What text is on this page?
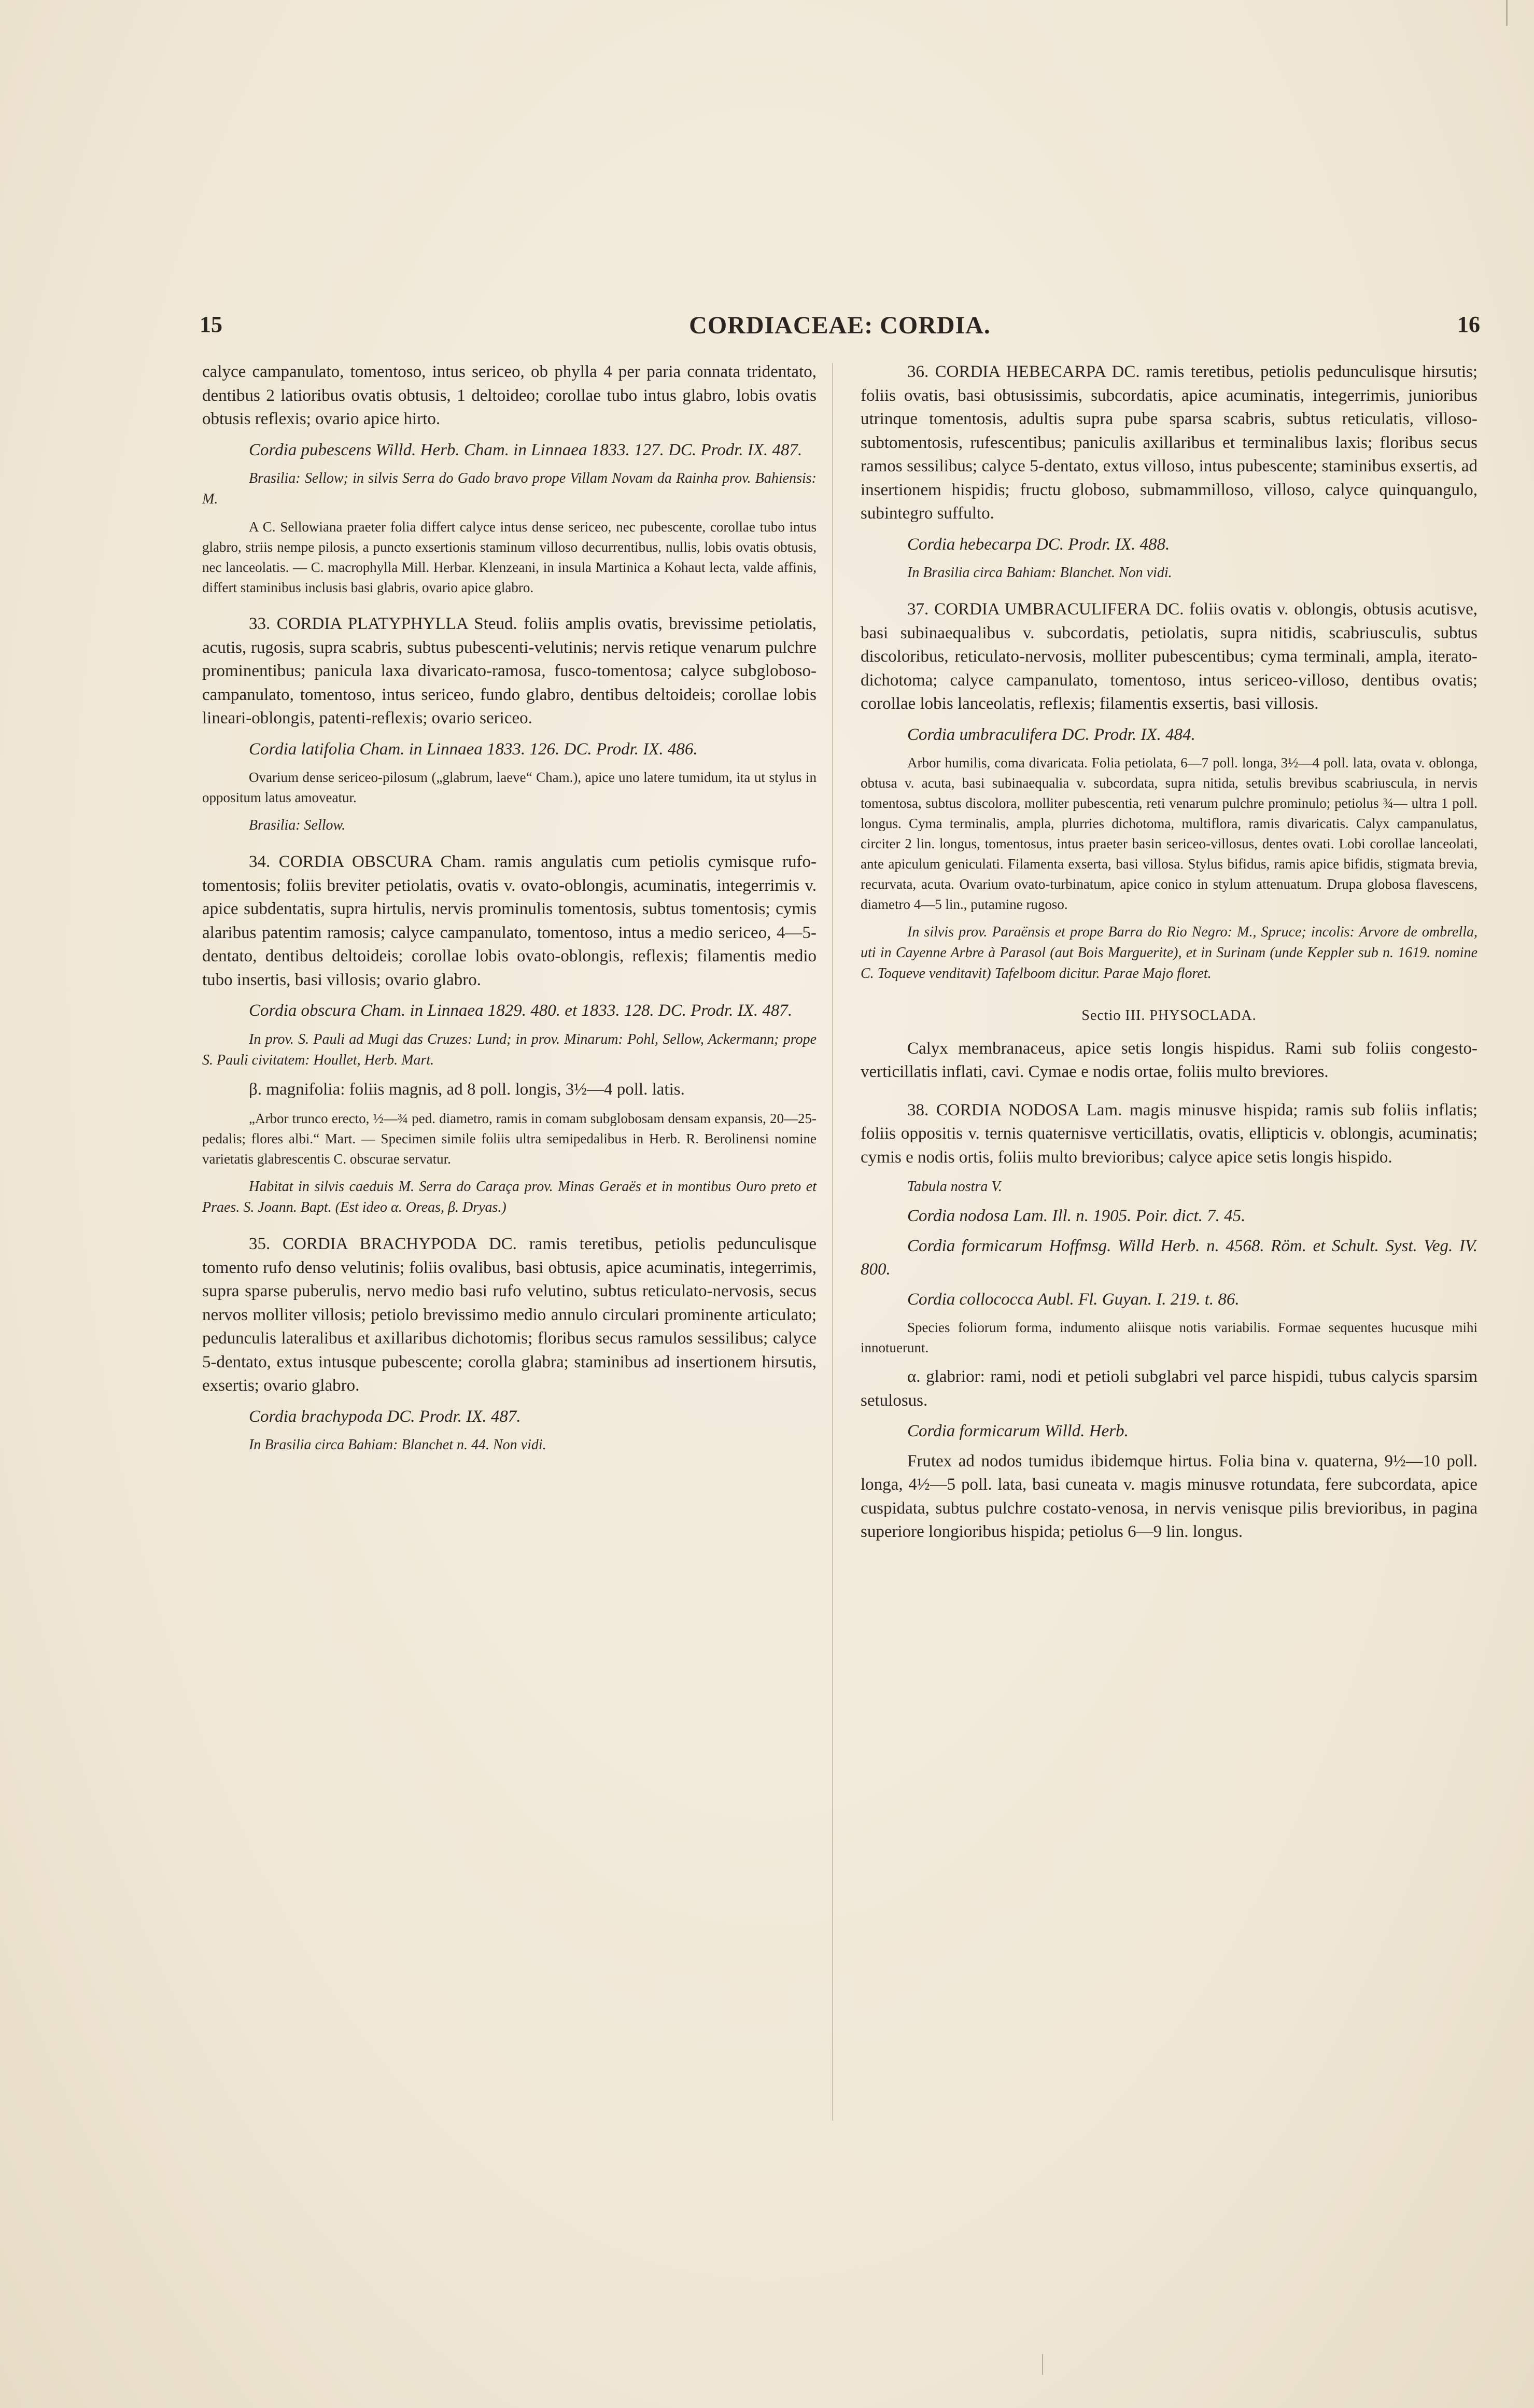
15	CORDIACEAE: CORDIA.	16

calyce campanulato, tomentoso, intus sericeo, ob phylla 4 per paria connata tridentato, dentibus 2 latioribus ovatis obtusis, 1 deltoideo; corollae tubo intus glabro, lobis ovatis obtusis reflexis; ovario apice hirto.

Cordia pubescens Willd. Herb. Cham. in Linnaea 1833. 127. DC. Prodr. IX. 487.

Brasilia: Sellow; in silvis Serra do Gado bravo prope Villam Novam da Rainha prov. Bahiensis: M.

A C. Sellowiana praeter folia differt calyce intus dense sericeo, nec pubescente, corollae tubo intus glabro, striis nempe pilosis, a puncto exsertionis staminum villoso decurrentibus, nullis, lobis ovatis obtusis, nec lanceolatis. — C. macrophylla Mill. Herbar. Klenzeani, in insula Martinica a Kohaut lecta, valde affinis, differt staminibus inclusis basi glabris, ovario apice glabro.

33. CORDIA PLATYPHYLLA Steud. foliis amplis ovatis, brevissime petiolatis, acutis, rugosis, supra scabris, subtus pubescenti-velutinis; nervis retique venarum pulchre prominentibus; panicula laxa divaricato-ramosa, fusco-tomentosa; calyce subgloboso-campanulato, tomentoso, intus sericeo, fundo glabro, dentibus deltoideis; corollae lobis lineari-oblongis, patenti-reflexis; ovario sericeo.

Cordia latifolia Cham. in Linnaea 1833. 126. DC. Prodr. IX. 486.

Ovarium dense sericeo-pilosum („glabrum, laeve“ Cham.), apice uno latere tumidum, ita ut stylus in oppositum latus amoveatur.

Brasilia: Sellow.

34. CORDIA OBSCURA Cham. ramis angulatis cum petiolis cymisque rufo-tomentosis; foliis breviter petiolatis, ovatis v. ovato-oblongis, acuminatis, integerrimis v. apice subdentatis, supra hirtulis, nervis prominulis tomentosis, subtus tomentosis; cymis alaribus patentim ramosis; calyce campanulato, tomentoso, intus a medio sericeo, 4—5-dentato, dentibus deltoideis; corollae lobis ovato-oblongis, reflexis; filamentis medio tubo insertis, basi villosis; ovario glabro.

Cordia obscura Cham. in Linnaea 1829. 480. et 1833. 128. DC. Prodr. IX. 487.

In prov. S. Pauli ad Mugi das Cruzes: Lund; in prov. Minarum: Pohl, Sellow, Ackermann; prope S. Pauli civitatem: Houllet, Herb. Mart.

β. magnifolia: foliis magnis, ad 8 poll. longis, 3½—4 poll. latis.

„Arbor trunco erecto, ½—¾ ped. diametro, ramis in comam subglobosam densam expansis, 20—25-pedalis; flores albi.“ Mart. — Specimen simile foliis ultra semipedalibus in Herb. R. Berolinensi nomine varietatis glabrescentis C. obscurae servatur.

Habitat in silvis caeduis M. Serra do Caraça prov. Minas Geraës et in montibus Ouro preto et Praes. S. Joann. Bapt. (Est ideo α. Oreas, β. Dryas.)

35. CORDIA BRACHYPODA DC. ramis teretibus, petiolis pedunculisque tomento rufo denso velutinis; foliis ovalibus, basi obtusis, apice acuminatis, integerrimis, supra sparse puberulis, nervo medio basi rufo velutino, subtus reticulato-nervosis, secus nervos molliter villosis; petiolo brevissimo medio annulo circulari prominente articulato; pedunculis lateralibus et axillaribus dichotomis; floribus secus ramulos sessilibus; calyce 5-dentato, extus intusque pubescente; corolla glabra; staminibus ad insertionem hirsutis, exsertis; ovario glabro.

Cordia brachypoda DC. Prodr. IX. 487.

In Brasilia circa Bahiam: Blanchet n. 44. Non vidi.

36. CORDIA HEBECARPA DC. ramis teretibus, petiolis pedunculisque hirsutis; foliis ovatis, basi obtusissimis, subcordatis, apice acuminatis, integerrimis, junioribus utrinque tomentosis, adultis supra pube sparsa scabris, subtus reticulatis, villoso-subtomentosis, rufescentibus; paniculis axillaribus et terminalibus laxis; floribus secus ramos sessilibus; calyce 5-dentato, extus villoso, intus pubescente; staminibus exsertis, ad insertionem hispidis; fructu globoso, submammilloso, villoso, calyce quinquangulo, subintegro suffulto.

Cordia hebecarpa DC. Prodr. IX. 488.

In Brasilia circa Bahiam: Blanchet. Non vidi.

37. CORDIA UMBRACULIFERA DC. foliis ovatis v. oblongis, obtusis acutisve, basi subinaequalibus v. subcordatis, petiolatis, supra nitidis, scabriusculis, subtus discoloribus, reticulato-nervosis, molliter pubescentibus; cyma terminali, ampla, iterato-dichotoma; calyce campanulato, tomentoso, intus sericeo-villoso, dentibus ovatis; corollae lobis lanceolatis, reflexis; filamentis exsertis, basi villosis.

Cordia umbraculifera DC. Prodr. IX. 484.

Arbor humilis, coma divaricata. Folia petiolata, 6—7 poll. longa, 3½—4 poll. lata, ovata v. oblonga, obtusa v. acuta, basi subinaequalia v. subcordata, supra nitida, setulis brevibus scabriuscula, in nervis tomentosa, subtus discolora, molliter pubescentia, reti venarum pulchre prominulo; petiolus ¾— ultra 1 poll. longus. Cyma terminalis, ampla, plurries dichotoma, multiflora, ramis divaricatis. Calyx campanulatus, circiter 2 lin. longus, tomentosus, intus praeter basin sericeo-villosus, dentes ovati. Lobi corollae lanceolati, ante apiculum geniculati. Filamenta exserta, basi villosa. Stylus bifidus, ramis apice bifidis, stigmata brevia, recurvata, acuta. Ovarium ovato-turbinatum, apice conico in stylum attenuatum. Drupa globosa flavescens, diametro 4—5 lin., putamine rugoso.

In silvis prov. Paraënsis et prope Barra do Rio Negro: M., Spruce; incolis: Arvore de ombrella, uti in Cayenne Arbre à Parasol (aut Bois Marguerite), et in Surinam (unde Keppler sub n. 1619. nomine C. Toqueve venditavit) Tafelboom dicitur. Parae Majo floret.

Sectio III. PHYSOCLADA.

Calyx membranaceus, apice setis longis hispidus. Rami sub foliis congesto-verticillatis inflati, cavi. Cymae e nodis ortae, foliis multo breviores.

38. CORDIA NODOSA Lam. magis minusve hispida; ramis sub foliis inflatis; foliis oppositis v. ternis quaternisve verticillatis, ovatis, ellipticis v. oblongis, acuminatis; cymis e nodis ortis, foliis multo brevioribus; calyce apice setis longis hispido.

Tabula nostra V.

Cordia nodosa Lam. Ill. n. 1905. Poir. dict. 7. 45.

Cordia formicarum Hoffmsg. Willd Herb. n. 4568. Röm. et Schult. Syst. Veg. IV. 800.

Cordia collococca Aubl. Fl. Guyan. I. 219. t. 86.

Species foliorum forma, indumento aliisque notis variabilis. Formae sequentes hucusque mihi innotuerunt.

α. glabrior: rami, nodi et petioli subglabri vel parce hispidi, tubus calycis sparsim setulosus.

Cordia formicarum Willd. Herb.

Frutex ad nodos tumidus ibidemque hirtus. Folia bina v. quaterna, 9½—10 poll. longa, 4½—5 poll. lata, basi cuneata v. magis minusve rotundata, fere subcordata, apice cuspidata, subtus pulchre costato-venosa, in nervis venisque pilis brevioribus, in pagina superiore longioribus hispida; petiolus 6—9 lin. longus.
